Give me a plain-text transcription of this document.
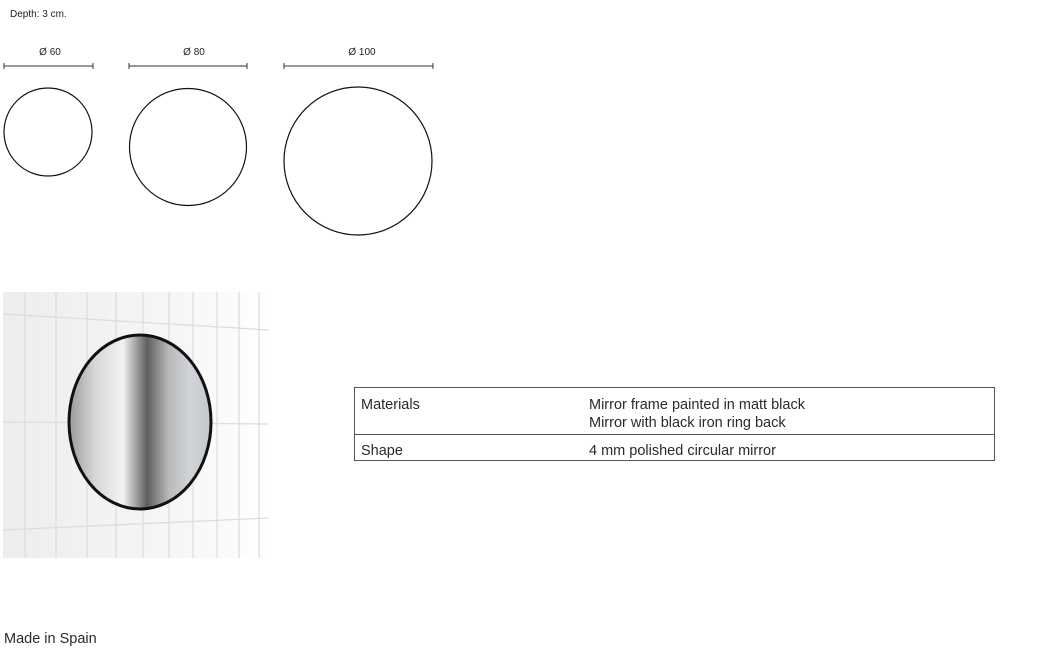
Depth: 3 cm.
Ø 60	Ø 80	Ø 100
Materials	Mirror frame painted in matt black
Mirror with black iron ring back

Shape	4 mm polished circular mirror
Made in Spain
